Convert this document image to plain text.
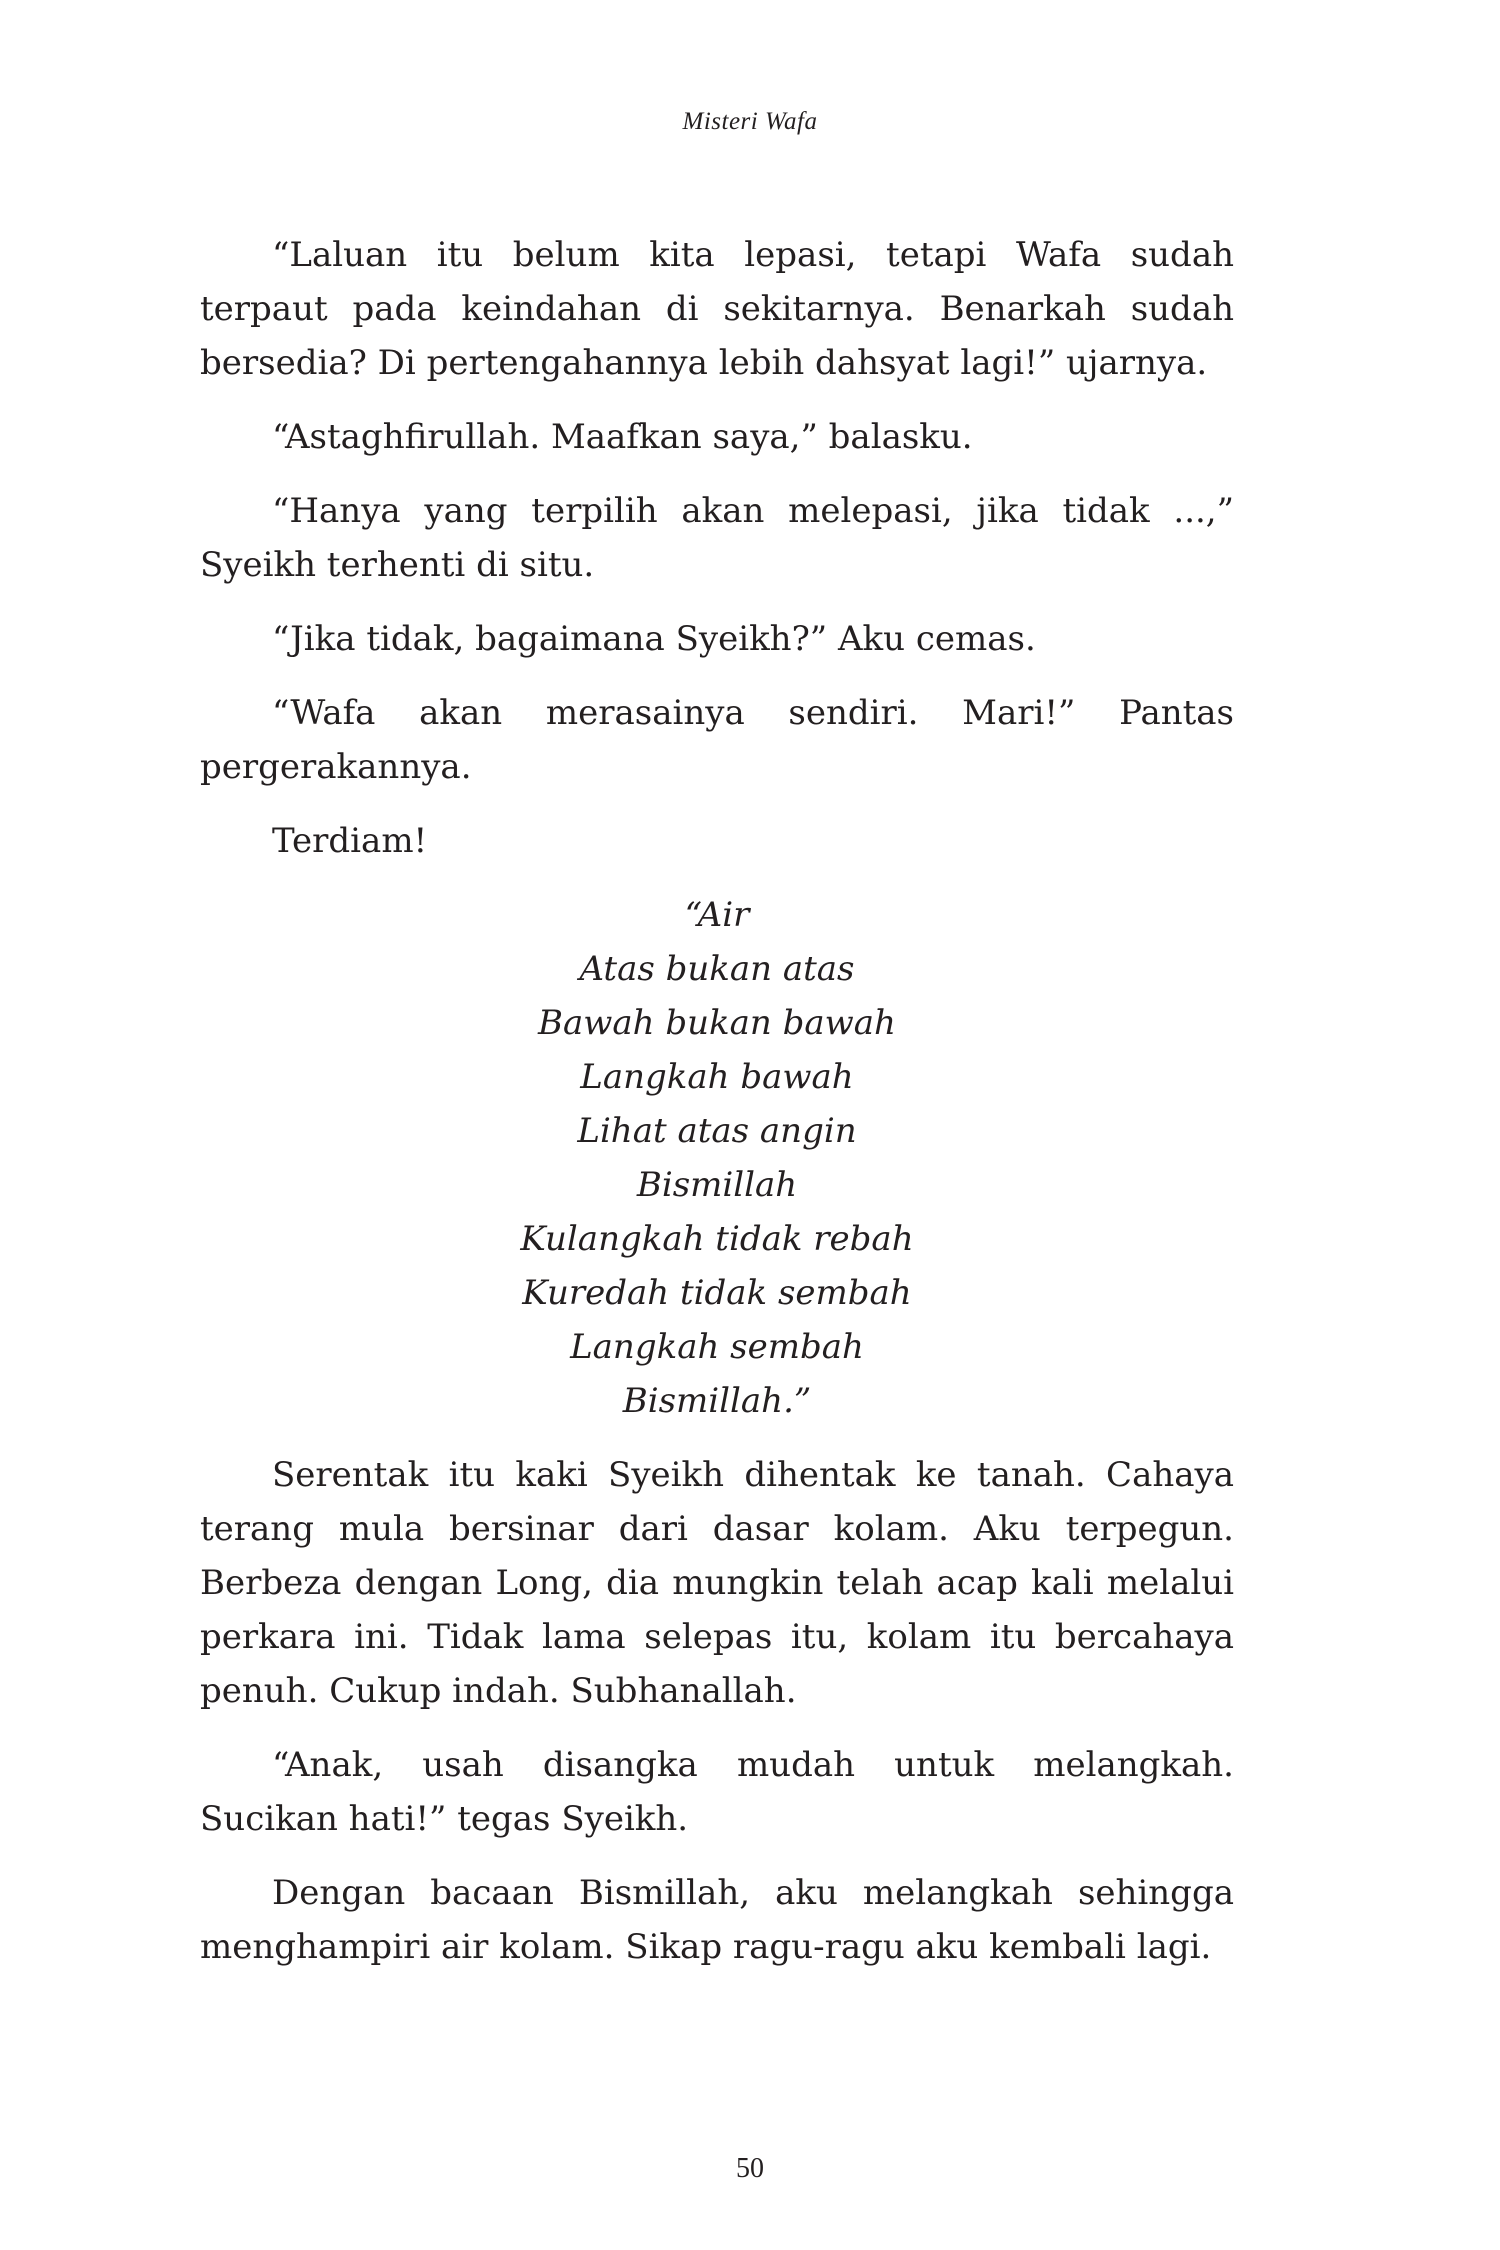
Misteri Wafa

“Laluan itu belum kita lepasi, tetapi Wafa sudah terpaut pada keindahan di sekitarnya. Benarkah sudah bersedia? Di pertengahannya lebih dahsyat lagi!” ujarnya.

“Astaghfirullah. Maafkan saya,” balasku.

“Hanya yang terpilih akan melepasi, jika tidak ...,” Syeikh terhenti di situ.

“Jika tidak, bagaimana Syeikh?” Aku cemas.

“Wafa akan merasainya sendiri. Mari!” Pantas pergerakannya.

Terdiam!

“Air
Atas bukan atas
Bawah bukan bawah
Langkah bawah
Lihat atas angin
Bismillah
Kulangkah tidak rebah
Kuredah tidak sembah
Langkah sembah
Bismillah.”

Serentak itu kaki Syeikh dihentak ke tanah. Cahaya terang mula bersinar dari dasar kolam. Aku terpegun. Berbeza dengan Long, dia mungkin telah acap kali melalui perkara ini. Tidak lama selepas itu, kolam itu bercahaya penuh. Cukup indah. Subhanallah.

“Anak, usah disangka mudah untuk melangkah. Sucikan hati!” tegas Syeikh.

Dengan bacaan Bismillah, aku melangkah sehingga menghampiri air kolam. Sikap ragu-ragu aku kembali lagi.

50
